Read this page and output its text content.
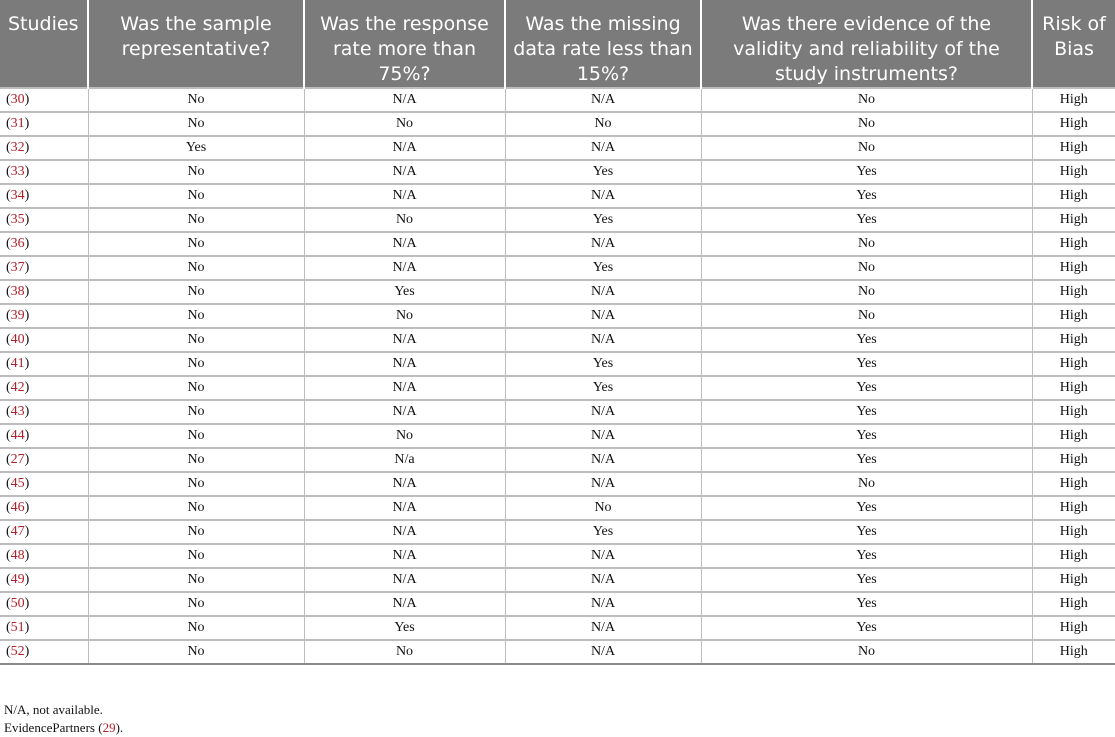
Studies	Was the sample representative?	Was the response rate more than 75%?	Was the missing data rate less than 15%?	Was there evidence of the validity and reliability of the study instruments?	Risk of Bias
(30)	No	N/A	N/A	No	High
(31)	No	No	No	No	High
(32)	Yes	N/A	N/A	No	High
(33)	No	N/A	Yes	Yes	High
(34)	No	N/A	N/A	Yes	High
(35)	No	No	Yes	Yes	High
(36)	No	N/A	N/A	No	High
(37)	No	N/A	Yes	No	High
(38)	No	Yes	N/A	No	High
(39)	No	No	N/A	No	High
(40)	No	N/A	N/A	Yes	High
(41)	No	N/A	Yes	Yes	High
(42)	No	N/A	Yes	Yes	High
(43)	No	N/A	N/A	Yes	High
(44)	No	No	N/A	Yes	High
(27)	No	N/a	N/A	Yes	High
(45)	No	N/A	N/A	No	High
(46)	No	N/A	No	Yes	High
(47)	No	N/A	Yes	Yes	High
(48)	No	N/A	N/A	Yes	High
(49)	No	N/A	N/A	Yes	High
(50)	No	N/A	N/A	Yes	High
(51)	No	Yes	N/A	Yes	High
(52)	No	No	N/A	No	High
N/A, not available.
EvidencePartners (29).
